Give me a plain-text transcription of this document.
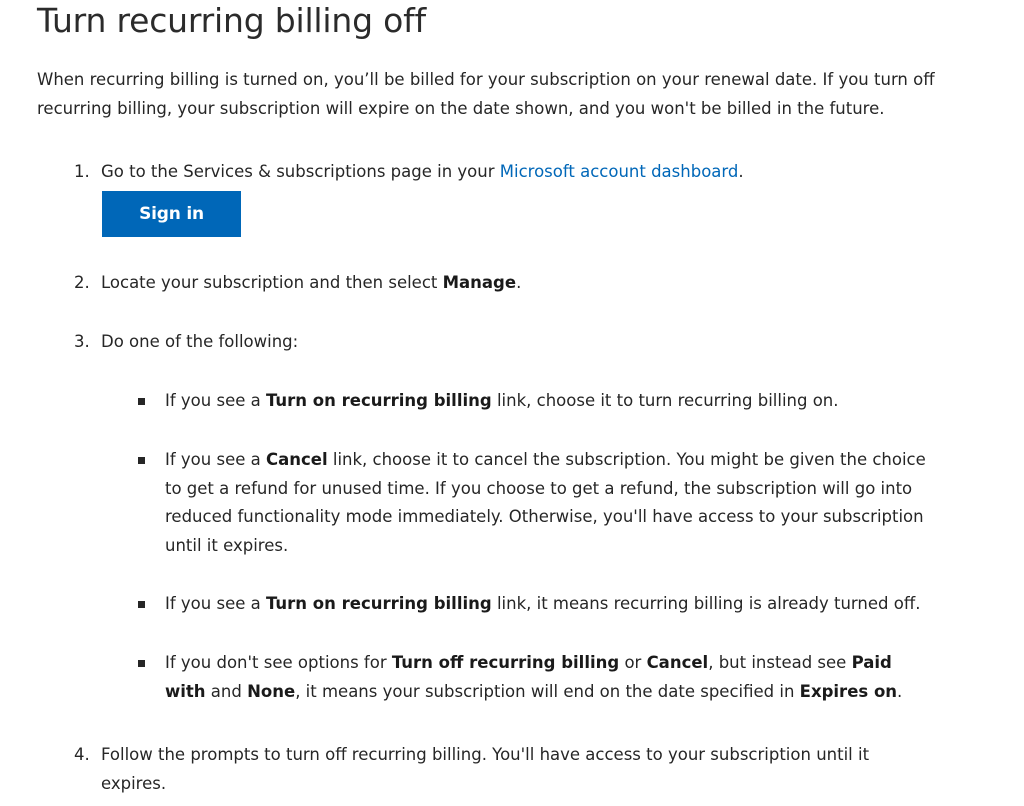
Turn recurring billing off

When recurring billing is turned on, you’ll be billed for your subscription on your renewal date. If you turn off recurring billing, your subscription will expire on the date shown, and you won't be billed in the future.

1. Go to the Services & subscriptions page in your Microsoft account dashboard.
Sign in
2. Locate your subscription and then select Manage.
3. Do one of the following:
If you see a Turn on recurring billing link, choose it to turn recurring billing on.
If you see a Cancel link, choose it to cancel the subscription. You might be given the choice to get a refund for unused time. If you choose to get a refund, the subscription will go into reduced functionality mode immediately. Otherwise, you'll have access to your subscription until it expires.
If you see a Turn on recurring billing link, it means recurring billing is already turned off.
If you don't see options for Turn off recurring billing or Cancel, but instead see Paid with and None, it means your subscription will end on the date specified in Expires on.
4. Follow the prompts to turn off recurring billing. You'll have access to your subscription until it expires.
